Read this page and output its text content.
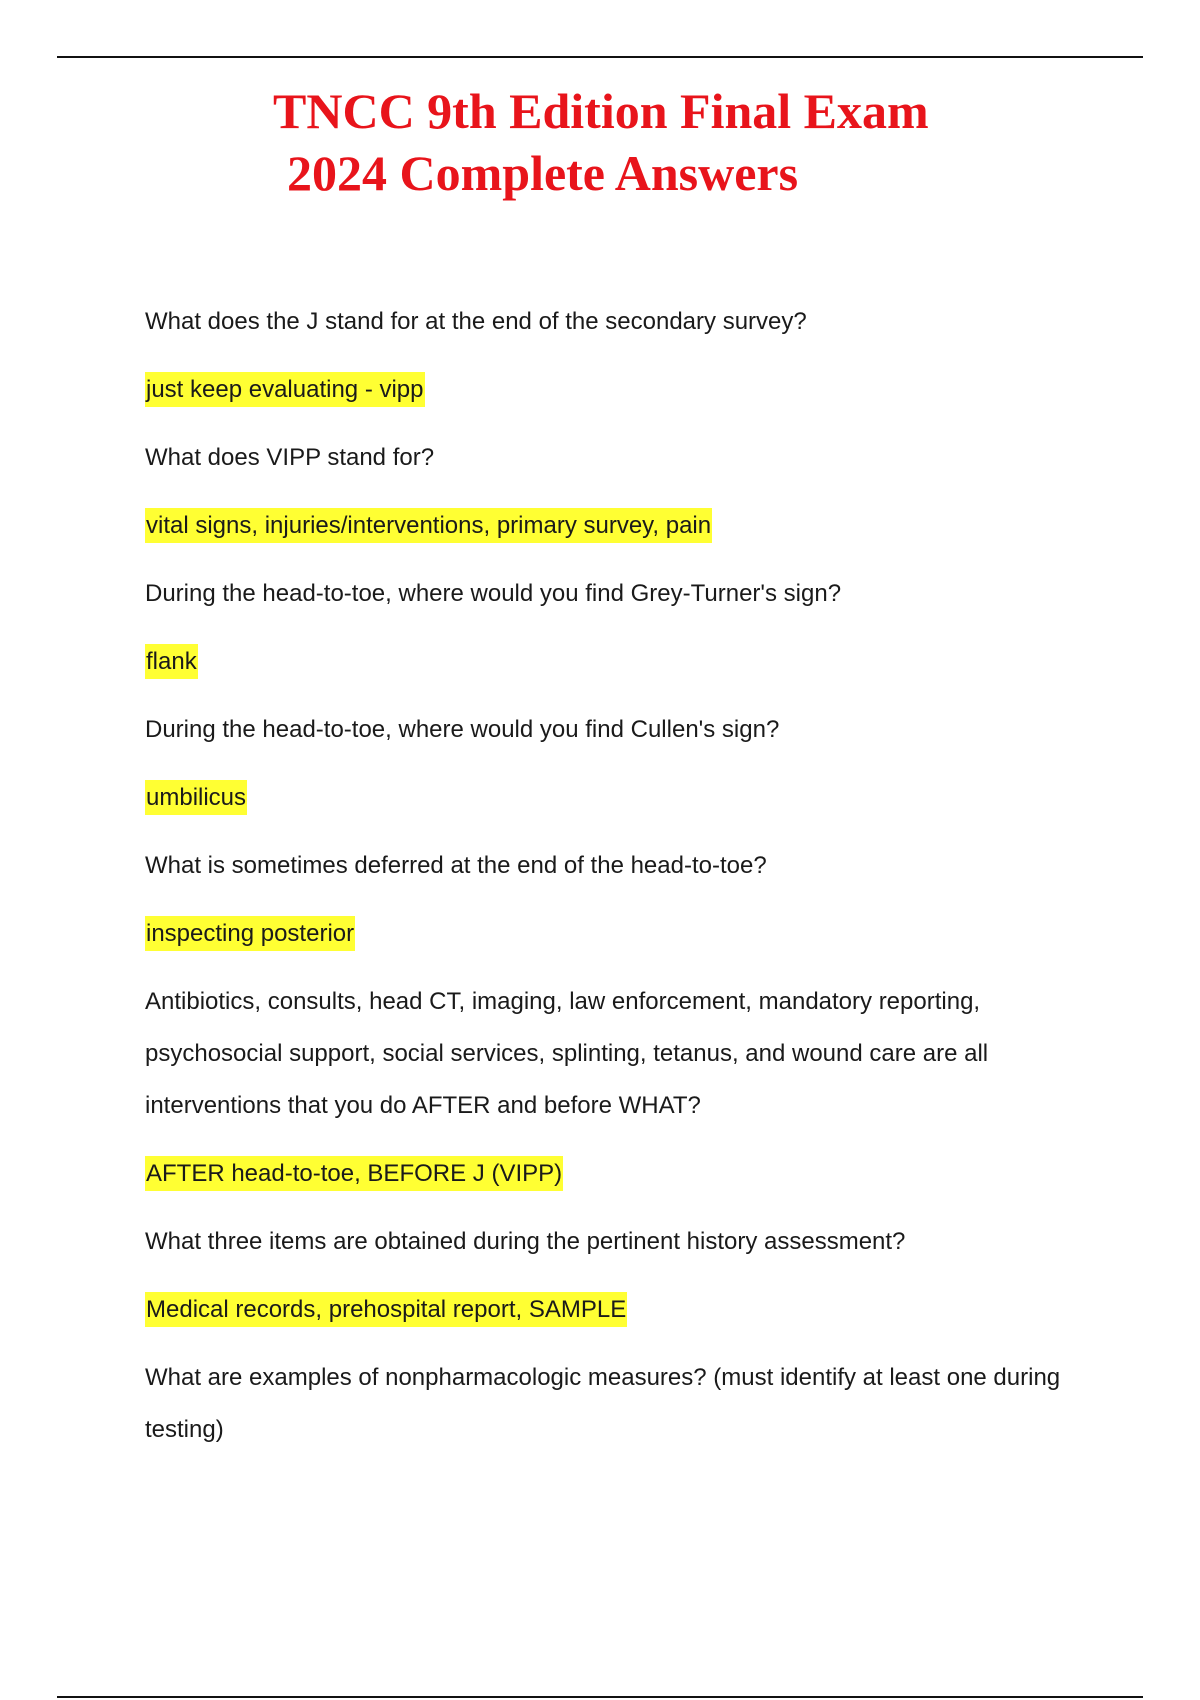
TNCC 9th Edition Final Exam
2024 Complete Answers

What does the J stand for at the end of the secondary survey?

just keep evaluating - vipp

What does VIPP stand for?

vital signs, injuries/interventions, primary survey, pain

During the head-to-toe, where would you find Grey-Turner's sign?

flank

During the head-to-toe, where would you find Cullen's sign?

umbilicus

What is sometimes deferred at the end of the head-to-toe?

inspecting posterior

Antibiotics, consults, head CT, imaging, law enforcement, mandatory reporting, psychosocial support, social services, splinting, tetanus, and wound care are all interventions that you do AFTER and before WHAT?

AFTER head-to-toe, BEFORE J (VIPP)

What three items are obtained during the pertinent history assessment?

Medical records, prehospital report, SAMPLE

What are examples of nonpharmacologic measures? (must identify at least one during testing)
